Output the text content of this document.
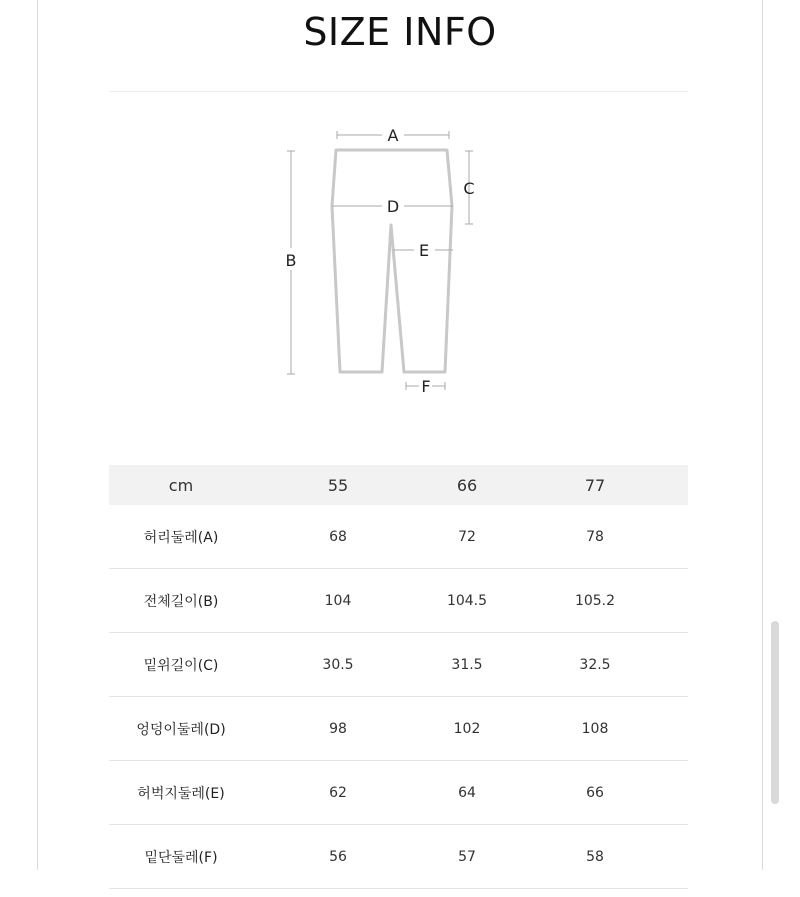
SIZE INFO
A
B
C
D
E
F
cm	55	66	77
허리둘레(A)	68	72	78
전체길이(B)	104	104.5	105.2
밑위길이(C)	30.5	31.5	32.5
엉덩이둘레(D)	98	102	108
허벅지둘레(E)	62	64	66
밑단둘레(F)	56	57	58
